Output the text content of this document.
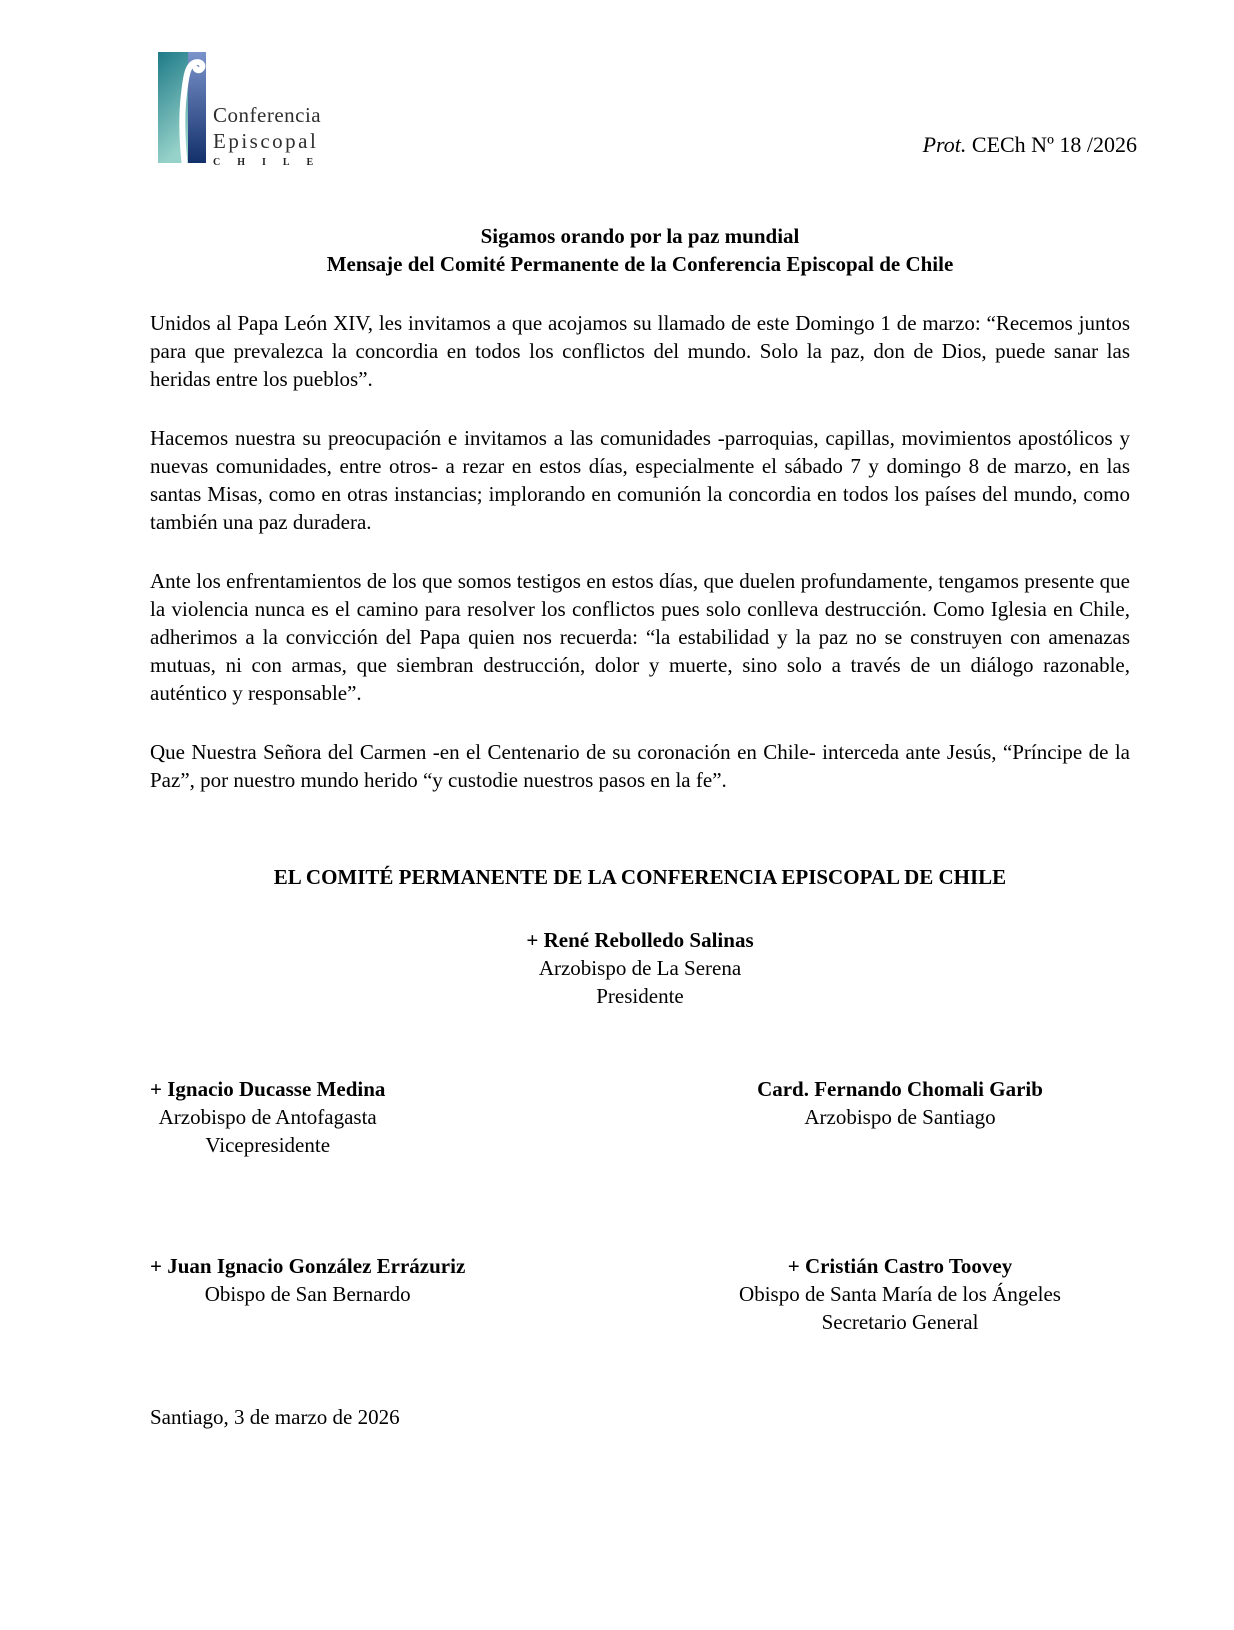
Conferencia
Episcopal
CHILE
Prot. CECh Nº 18 /2026
Sigamos orando por la paz mundial
Mensaje del Comité Permanente de la Conferencia Episcopal de Chile

Unidos al Papa León XIV, les invitamos a que acojamos su llamado de este Domingo 1 de marzo: “Recemos juntos para que prevalezca la concordia en todos los conflictos del mundo. Solo la paz, don de Dios, puede sanar las heridas entre los pueblos”.

Hacemos nuestra su preocupación e invitamos a las comunidades -parroquias, capillas, movimientos apostólicos y nuevas comunidades, entre otros- a rezar en estos días, especialmente el sábado 7 y domingo 8 de marzo, en las santas Misas, como en otras instancias; implorando en comunión la concordia en todos los países del mundo, como también una paz duradera.

Ante los enfrentamientos de los que somos testigos en estos días, que duelen profundamente, tengamos presente que la violencia nunca es el camino para resolver los conflictos pues solo conlleva destrucción. Como Iglesia en Chile, adherimos a la convicción del Papa quien nos recuerda: “la estabilidad y la paz no se construyen con amenazas mutuas, ni con armas, que siembran destrucción, dolor y muerte, sino solo a través de un diálogo razonable, auténtico y responsable”.

Que Nuestra Señora del Carmen -en el Centenario de su coronación en Chile- interceda ante Jesús, “Príncipe de la Paz”, por nuestro mundo herido “y custodie nuestros pasos en la fe”.

EL COMITÉ PERMANENTE DE LA CONFERENCIA EPISCOPAL DE CHILE
+ René Rebolledo Salinas
Arzobispo de La Serena
Presidente
+ Ignacio Ducasse Medina
Arzobispo de Antofagasta
Vicepresidente
Card. Fernando Chomali Garib
Arzobispo de Santiago
+ Juan Ignacio González Errázuriz
Obispo de San Bernardo
+ Cristián Castro Toovey
Obispo de Santa María de los Ángeles
Secretario General
Santiago, 3 de marzo de 2026
